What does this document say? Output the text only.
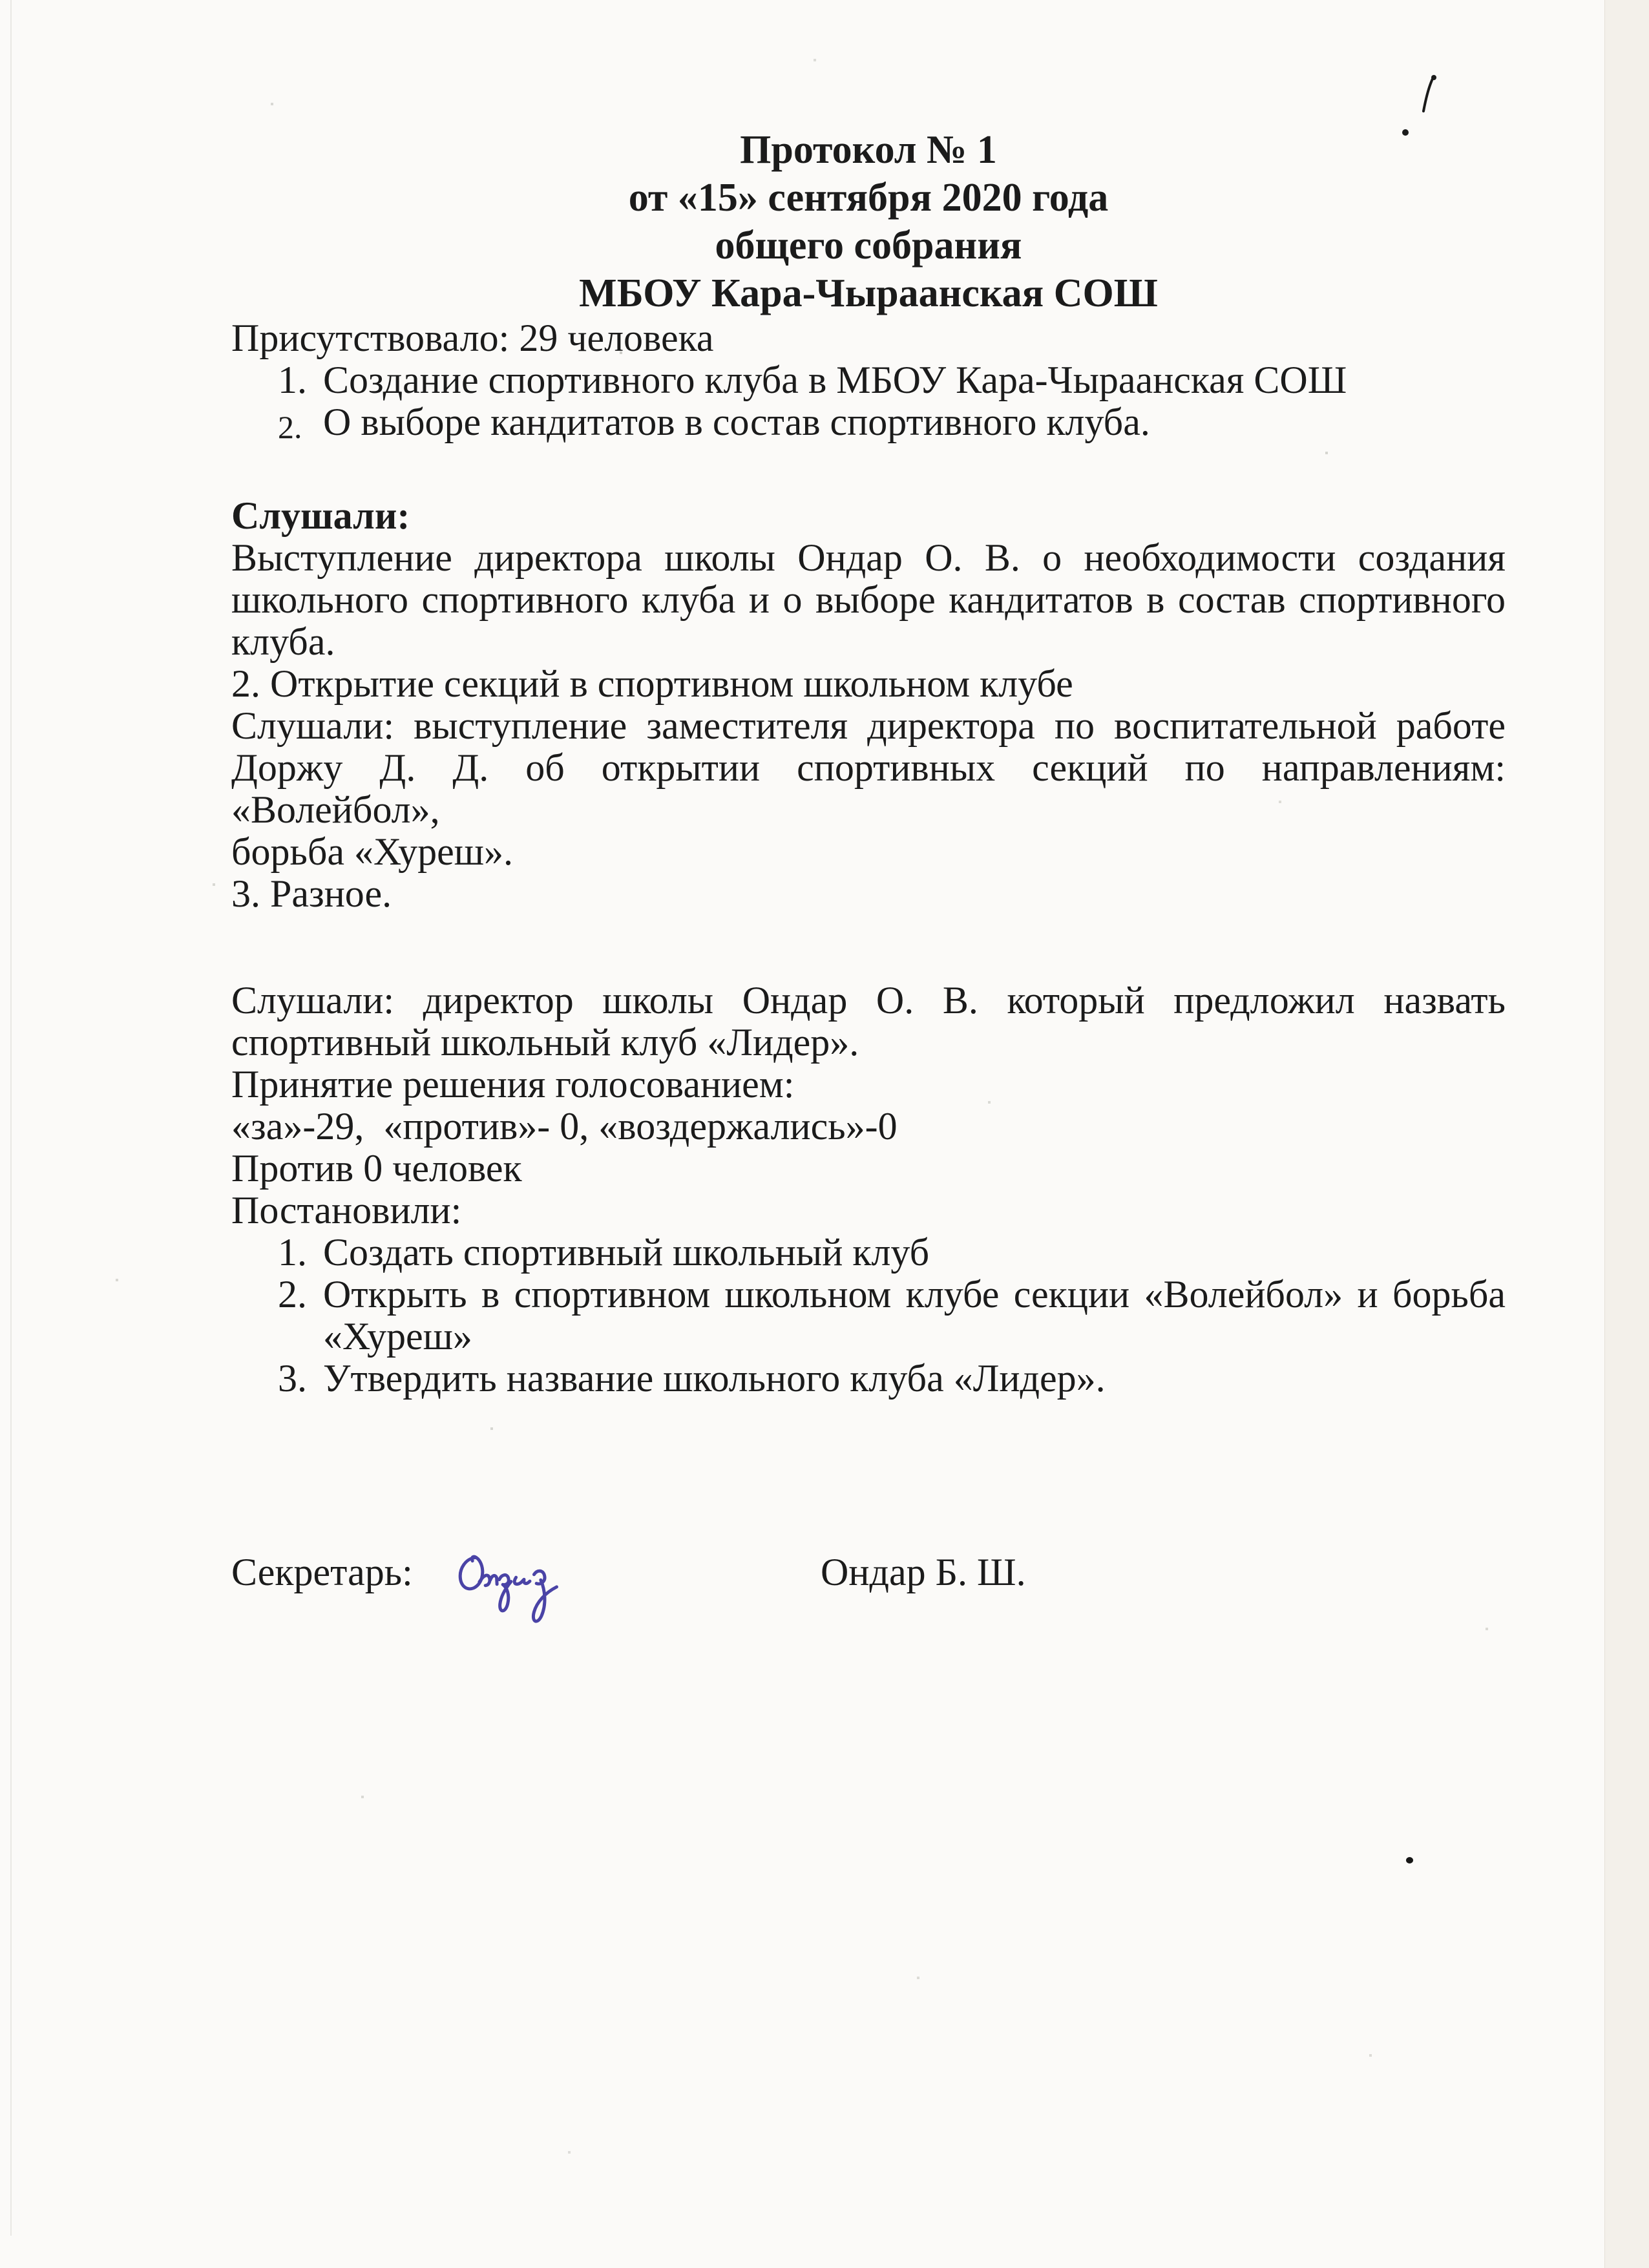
Протокол № 1
от «15» сентября 2020 года
общего собрания
МБОУ Кара-Чыраанская СОШ
Присутствовало: 29 человека
1. Создание спортивного клуба в МБОУ Кара-Чыраанская СОШ
2. О выборе кандитатов в состав спортивного клуба.
Слушали:
Выступление директора школы Ондар О. В. о необходимости создания
школьного спортивного клуба и о выборе кандитатов в состав спортивного
клуба.
2. Открытие секций в спортивном школьном клубе
Слушали: выступление заместителя директора по воспитательной работе
Доржу Д. Д. об открытии спортивных секций по направлениям: «Волейбол»,
борьба «Хуреш».
3. Разное.
Слушали: директор школы Ондар О. В. который предложил назвать
спортивный школьный клуб «Лидер».
Принятие решения голосованием:
«за»-29,  «против»- 0, «воздержались»-0
Против 0 человек
Постановили:
1. Создать спортивный школьный клуб
2. Открыть в спортивном школьном клубе секции «Волейбол» и борьба
«Хуреш»
3. Утвердить название школьного клуба «Лидер».
Секретарь:	Ондар Б. Ш.
